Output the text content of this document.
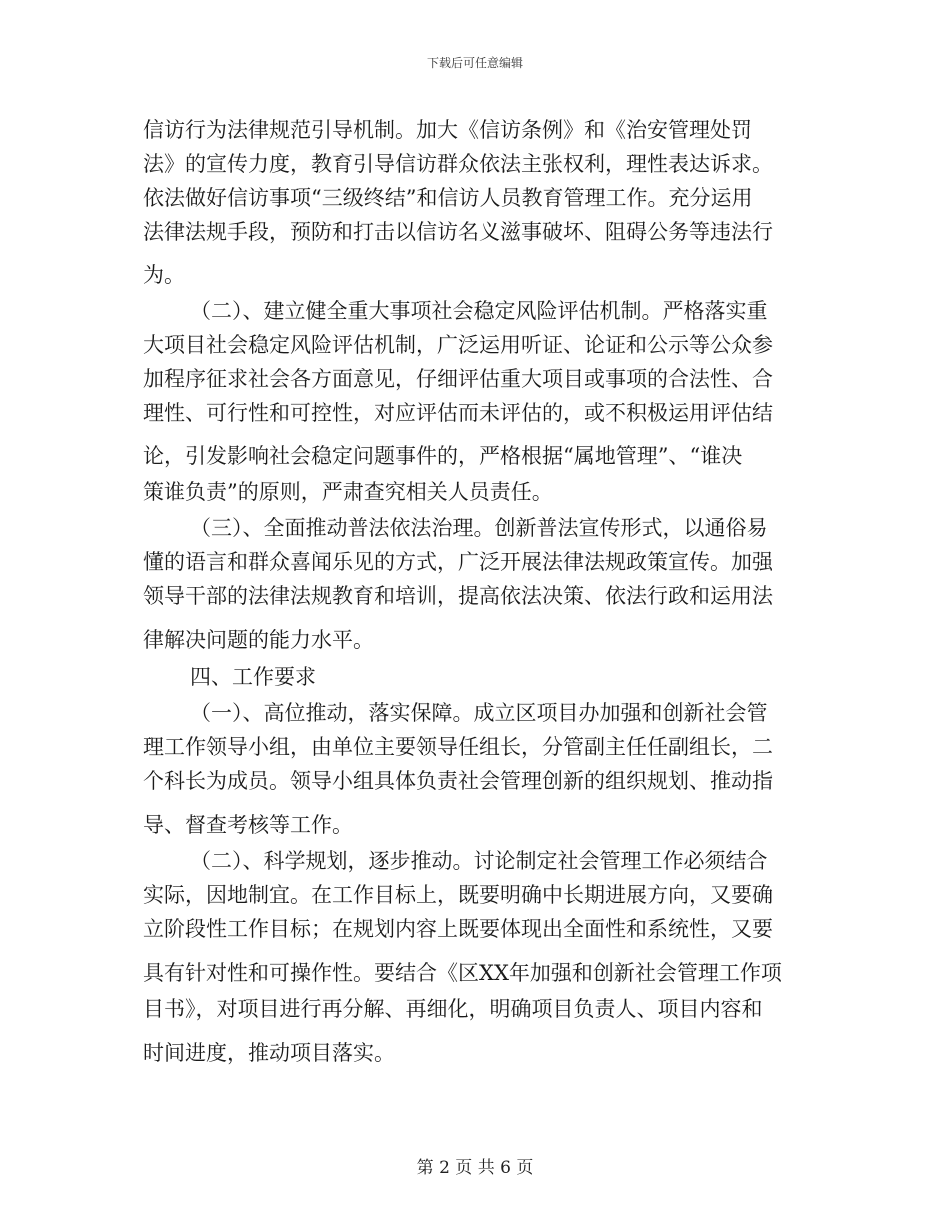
下载后可任意编辑
信访行为法律规范引导机制。加大《信访条例》和《治安管理处罚
法》的宣传力度，教育引导信访群众依法主张权利，理性表达诉求。
依法做好信访事项“三级终结”和信访人员教育管理工作。充分运用
法律法规手段，预防和打击以信访名义滋事破坏、阻碍公务等违法行
为。
（二）、建立健全重大事项社会稳定风险评估机制。严格落实重
大项目社会稳定风险评估机制，广泛运用听证、论证和公示等公众参
加程序征求社会各方面意见，仔细评估重大项目或事项的合法性、合
理性、可行性和可控性，对应评估而未评估的，或不积极运用评估结
论，引发影响社会稳定问题事件的，严格根据“属地管理”、“谁决
策谁负责”的原则，严肃查究相关人员责任。
（三）、全面推动普法依法治理。创新普法宣传形式，以通俗易
懂的语言和群众喜闻乐见的方式，广泛开展法律法规政策宣传。加强
领导干部的法律法规教育和培训，提高依法决策、依法行政和运用法
律解决问题的能力水平。
四、工作要求
（一）、高位推动，落实保障。成立区项目办加强和创新社会管
理工作领导小组，由单位主要领导任组长，分管副主任任副组长，二
个科长为成员。领导小组具体负责社会管理创新的组织规划、推动指
导、督查考核等工作。
（二）、科学规划，逐步推动。讨论制定社会管理工作必须结合
实际，因地制宜。在工作目标上，既要明确中长期进展方向，又要确
立阶段性工作目标；在规划内容上既要体现出全面性和系统性，又要
具有针对性和可操作性。要结合《区XX年加强和创新社会管理工作项
目书》，对项目进行再分解、再细化，明确项目负责人、项目内容和
时间进度，推动项目落实。
第 2 页 共 6 页
